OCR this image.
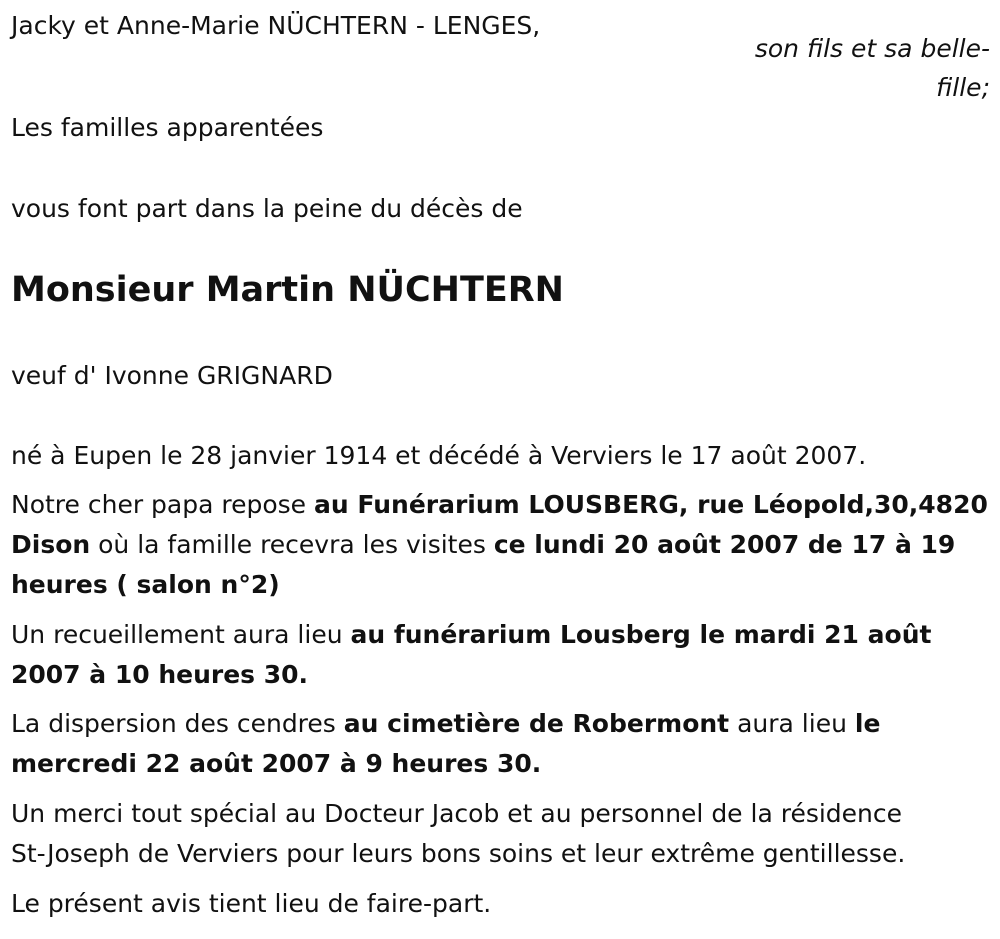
Jacky et Anne-Marie NÜCHTERN - LENGES,
son fils et sa belle-
fille;
Les familles apparentées
vous font part dans la peine du décès de
Monsieur Martin NÜCHTERN
veuf d' Ivonne GRIGNARD
né à Eupen le 28 janvier 1914 et décédé à Verviers le 17 août 2007.
Notre cher papa repose au Funérarium LOUSBERG, rue Léopold,30,4820
Dison où la famille recevra les visites ce lundi 20 août 2007 de 17 à 19
heures ( salon n°2)
Un recueillement aura lieu au funérarium Lousberg le mardi 21 août
2007 à 10 heures 30.
La dispersion des cendres au cimetière de Robermont aura lieu le
mercredi 22 août 2007 à 9 heures 30.
Un merci tout spécial au Docteur Jacob et au personnel de la résidence
St-Joseph de Verviers pour leurs bons soins et leur extrême gentillesse.
Le présent avis tient lieu de faire-part.
